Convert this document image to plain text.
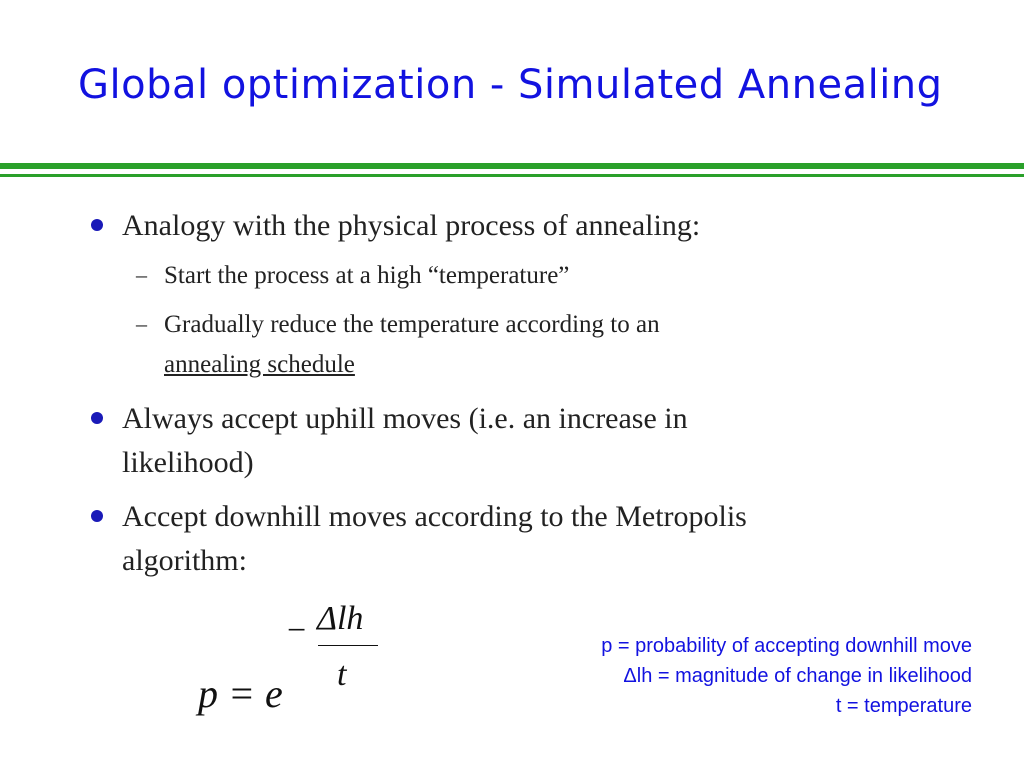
Global optimization - Simulated Annealing
Analogy with the physical process of annealing:
– Start the process at a high “temperature”
– Gradually reduce the temperature according to an
annealing schedule
Always accept uphill moves (i.e. an increase in
likelihood)
Accept downhill moves according to the Metropolis
algorithm:
p = e
− Δlh
t
p = probability of accepting downhill move
Δlh = magnitude of change in likelihood
t = temperature
